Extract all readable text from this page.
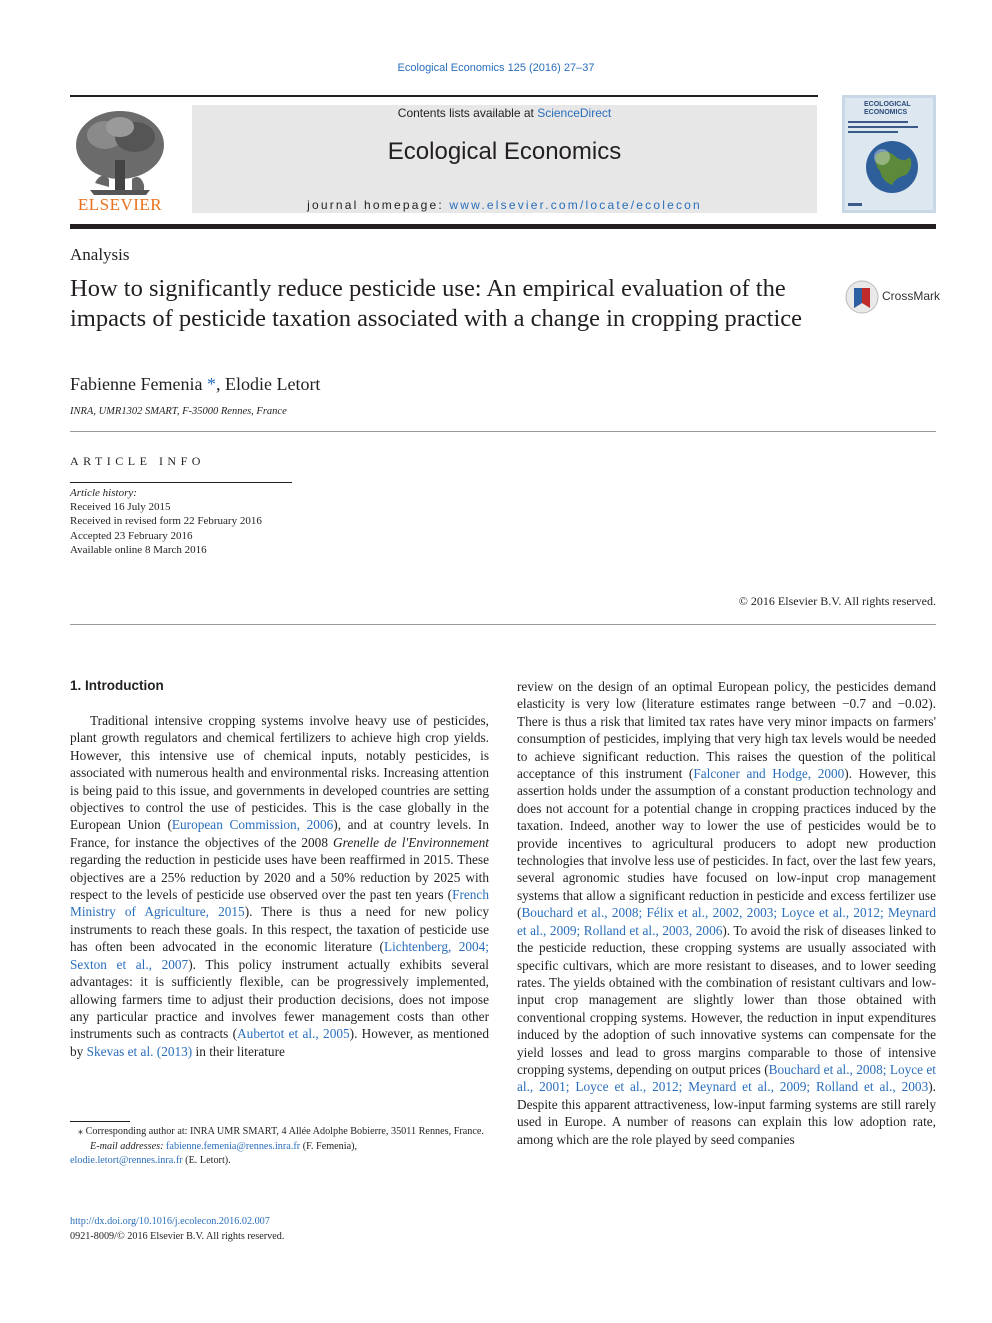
Ecological Economics 125 (2016) 27–37
ELSEVIER
Contents lists available at ScienceDirect
Ecological Economics
journal homepage: www.elsevier.com/locate/ecolecon
ECOLOGICAL ECONOMICS
Analysis
How to significantly reduce pesticide use: An empirical evaluation of the impacts of pesticide taxation associated with a change in cropping practice
CrossMark
Fabienne Femenia *, Elodie Letort
INRA, UMR1302 SMART, F-35000 Rennes, France
ARTICLE INFO
Article history:
Received 16 July 2015
Received in revised form 22 February 2016
Accepted 23 February 2016
Available online 8 March 2016
© 2016 Elsevier B.V. All rights reserved.
1. Introduction

Traditional intensive cropping systems involve heavy use of pesticides, plant growth regulators and chemical fertilizers to achieve high crop yields. However, this intensive use of chemical inputs, notably pesticides, is associated with numerous health and environmental risks. Increasing attention is being paid to this issue, and governments in developed countries are setting objectives to control the use of pesticides. This is the case globally in the European Union (European Commission, 2006), and at country levels. In France, for instance the objectives of the 2008 Grenelle de l'Environnement regarding the reduction in pesticide uses have been reaffirmed in 2015. These objectives are a 25% reduction by 2020 and a 50% reduction by 2025 with respect to the levels of pesticide use observed over the past ten years (French Ministry of Agriculture, 2015). There is thus a need for new policy instruments to reach these goals. In this respect, the taxation of pesticide use has often been advocated in the economic literature (Lichtenberg, 2004; Sexton et al., 2007). This policy instrument actually exhibits several advantages: it is sufficiently flexible, can be progressively implemented, allowing farmers time to adjust their production decisions, does not impose any particular practice and involves fewer management costs than other instruments such as contracts (Aubertot et al., 2005). However, as mentioned by Skevas et al. (2013) in their literature

review on the design of an optimal European policy, the pesticides demand elasticity is very low (literature estimates range between −0.7 and −0.02). There is thus a risk that limited tax rates have very minor impacts on farmers' consumption of pesticides, implying that very high tax levels would be needed to achieve significant reduction. This raises the question of the political acceptance of this instrument (Falconer and Hodge, 2000). However, this assertion holds under the assumption of a constant production technology and does not account for a potential change in cropping practices induced by the taxation. Indeed, another way to lower the use of pesticides would be to provide incentives to agricultural producers to adopt new production technologies that involve less use of pesticides. In fact, over the last few years, several agronomic studies have focused on low-input crop management systems that allow a significant reduction in pesticide and excess fertilizer use (Bouchard et al., 2008; Félix et al., 2002, 2003; Loyce et al., 2012; Meynard et al., 2009; Rolland et al., 2003, 2006). To avoid the risk of diseases linked to the pesticide reduction, these cropping systems are usually associated with specific cultivars, which are more resistant to diseases, and to lower seeding rates. The yields obtained with the combination of resistant cultivars and low-input crop management are slightly lower than those obtained with conventional cropping systems. However, the reduction in input expenditures induced by the adoption of such innovative systems can compensate for the yield losses and lead to gross margins comparable to those of intensive cropping systems, depending on output prices (Bouchard et al., 2008; Loyce et al., 2001; Loyce et al., 2012; Meynard et al., 2009; Rolland et al., 2003). Despite this apparent attractiveness, low-input farming systems are still rarely used in Europe. A number of reasons can explain this low adoption rate, among which are the role played by seed companies

⁎ Corresponding author at: INRA UMR SMART, 4 Allée Adolphe Bobierre, 35011 Rennes, France.
E-mail addresses: fabienne.femenia@rennes.inra.fr (F. Femenia),
elodie.letort@rennes.inra.fr (E. Letort).
http://dx.doi.org/10.1016/j.ecolecon.2016.02.007
0921-8009/© 2016 Elsevier B.V. All rights reserved.
